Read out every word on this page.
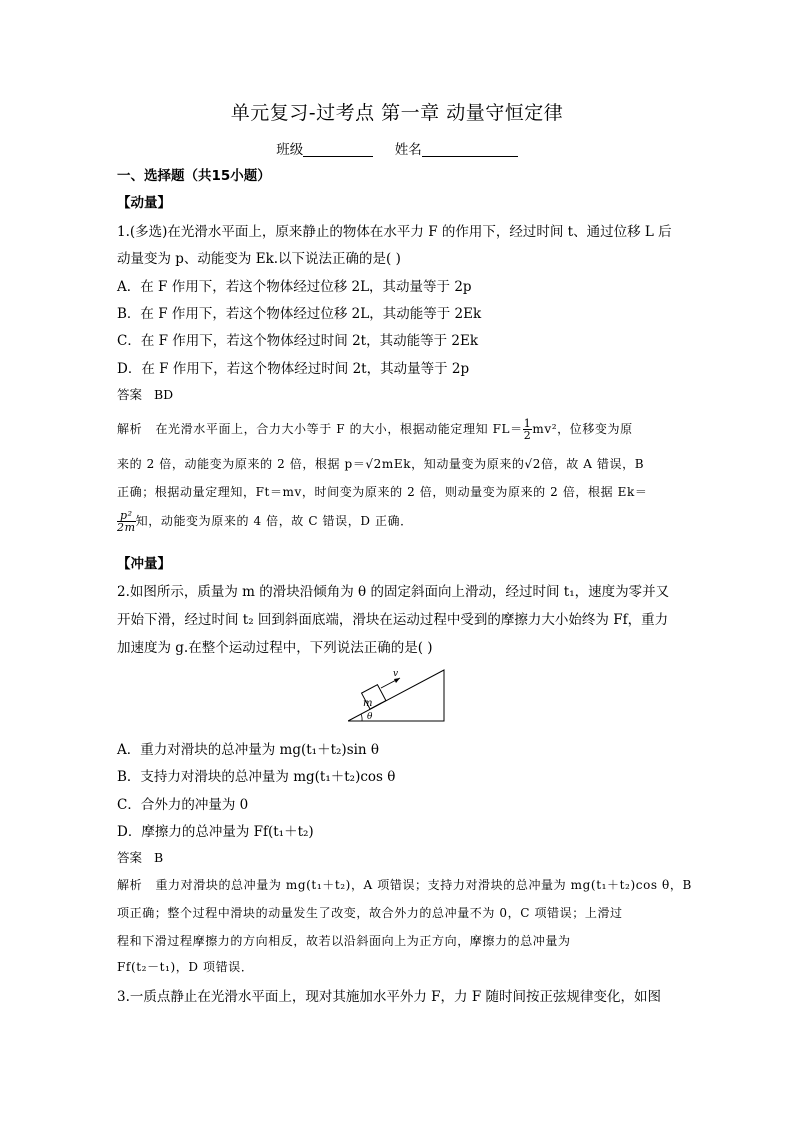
单元复习-过考点 第一章 动量守恒定律
班级	姓名
一、选择题（共15小题）
【动量】
1.(多选)在光滑水平面上，原来静止的物体在水平力 F 的作用下，经过时间 t、通过位移 L 后
动量变为 p、动能变为 Ek.以下说法正确的是( )
A．在 F 作用下，若这个物体经过位移 2L，其动量等于 2p
B．在 F 作用下，若这个物体经过位移 2L，其动能等于 2Ek
C．在 F 作用下，若这个物体经过时间 2t，其动能等于 2Ek
D．在 F 作用下，若这个物体经过时间 2t，其动量等于 2p
答案 BD
解析 在光滑水平面上，合力大小等于 F 的大小，根据动能定理知 $FL= \frac{1}{2} mv^2$，位移变为原
来的 2 倍，动能变为原来的 2 倍，根据 p＝√2mEk，知动量变为原来的√2倍，故 A 错误，B
正确；根据动量定理知，Ft＝mv，时间变为原来的 2 倍，则动量变为原来的 2 倍，根据 Ek＝
$\frac{\text{p²}}{2m}$ 知，动能变为原来的 4 倍，故 C 错误，D 正确．
【冲量】
2.如图所示，质量为 m 的滑块沿倾角为 θ 的固定斜面向上滑动，经过时间 t₁，速度为零并又
开始下滑，经过时间 t₂ 回到斜面底端，滑块在运动过程中受到的摩擦力大小始终为 Ff，重力
加速度为 g.在整个运动过程中，下列说法正确的是( )
m
v
θ
A．重力对滑块的总冲量为 mg(t₁＋t₂)sin θ
B．支持力对滑块的总冲量为 mg(t₁＋t₂)cos θ
C．合外力的冲量为 0
D．摩擦力的总冲量为 Ff(t₁＋t₂)
答案 B
解析 重力对滑块的总冲量为 mg(t₁＋t₂)，A 项错误；支持力对滑块的总冲量为 mg(t₁＋t₂)cos θ，B
项正确；整个过程中滑块的动量发生了改变，故合外力的总冲量不为 0，C 项错误；上滑过
程和下滑过程摩擦力的方向相反，故若以沿斜面向上为正方向，摩擦力的总冲量为
Ff(t₂－t₁)，D 项错误．
3.一质点静止在光滑水平面上，现对其施加水平外力 F，力 F 随时间按正弦规律变化，如图
